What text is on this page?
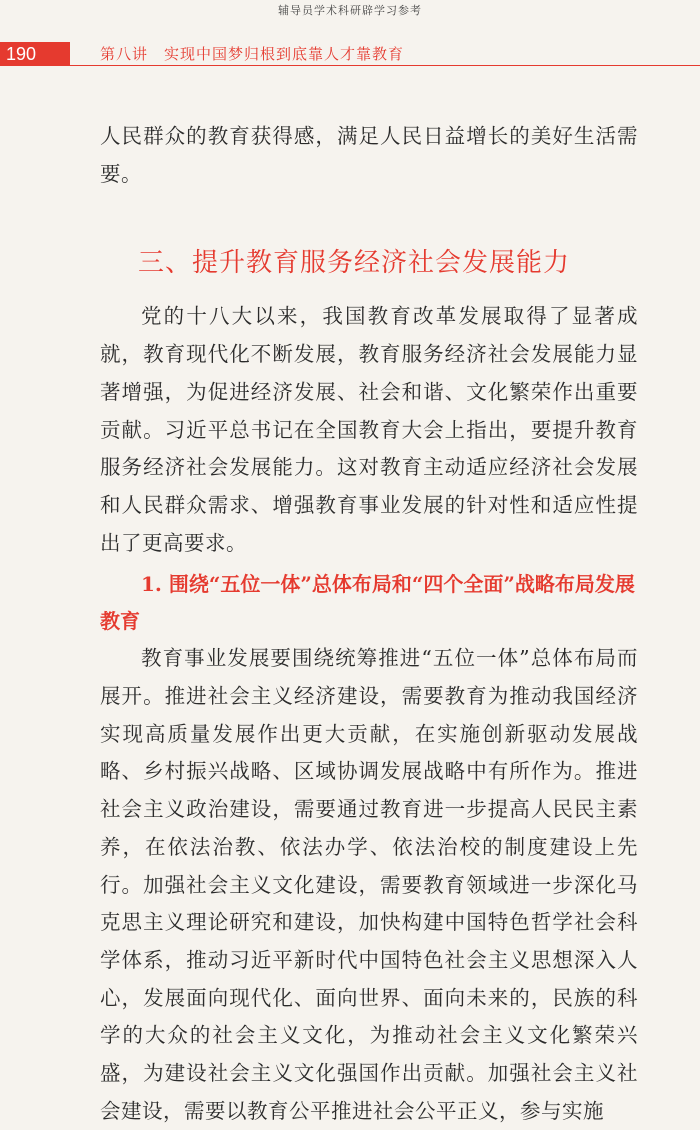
辅导员学术科研辟学习参考
190	第八讲　实现中国梦归根到底靠人才靠教育

人民群众的教育获得感，满足人民日益增长的美好生活需要。

三、提升教育服务经济社会发展能力

党的十八大以来，我国教育改革发展取得了显著成就，教育现代化不断发展，教育服务经济社会发展能力显著增强，为促进经济发展、社会和谐、文化繁荣作出重要贡献。习近平总书记在全国教育大会上指出，要提升教育服务经济社会发展能力。这对教育主动适应经济社会发展和人民群众需求、增强教育事业发展的针对性和适应性提出了更高要求。

1. 围绕“五位一体”总体布局和“四个全面”战略布局发展教育

教育事业发展要围绕统筹推进“五位一体”总体布局而展开。推进社会主义经济建设，需要教育为推动我国经济实现高质量发展作出更大贡献，在实施创新驱动发展战略、乡村振兴战略、区域协调发展战略中有所作为。推进社会主义政治建设，需要通过教育进一步提高人民民主素养，在依法治教、依法办学、依法治校的制度建设上先行。加强社会主义文化建设，需要教育领域进一步深化马克思主义理论研究和建设，加快构建中国特色哲学社会科学体系，推动习近平新时代中国特色社会主义思想深入人心，发展面向现代化、面向世界、面向未来的，民族的科学的大众的社会主义文化，为推动社会主义文化繁荣兴盛，为建设社会主义文化强国作出贡献。加强社会主义社会建设，需要以教育公平推进社会公平正义，参与实施
